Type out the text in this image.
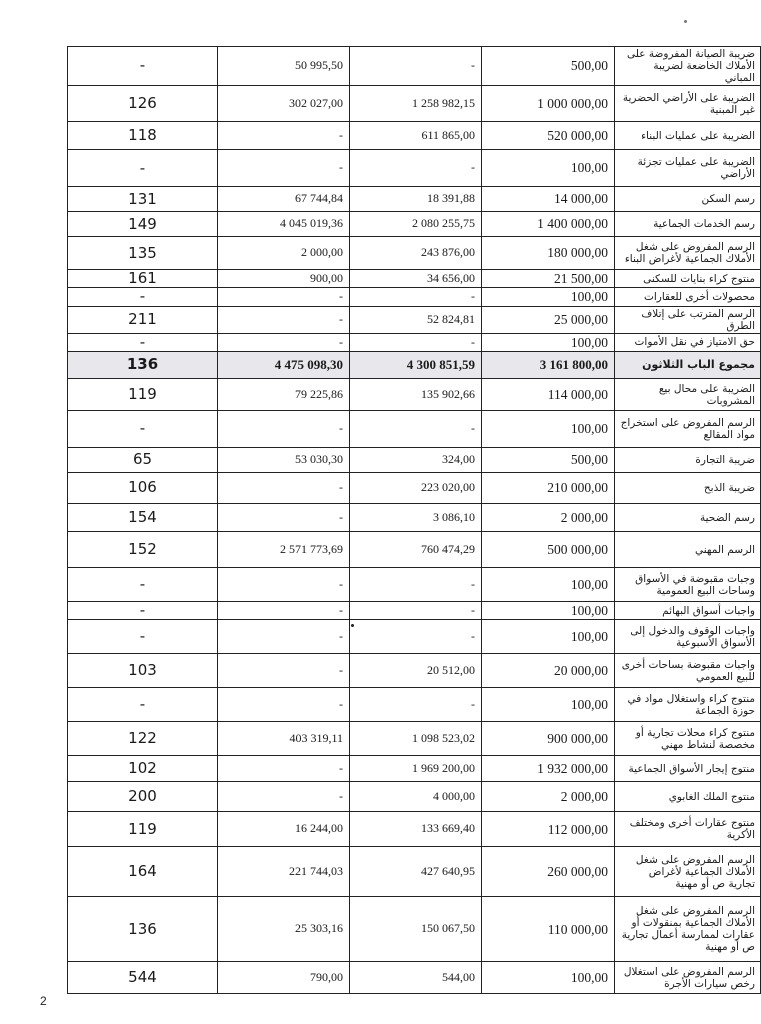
-	50 995,50	-	500,00	ضريبة الصيانة المفروضة على الأملاك الخاضعة لضريبة المباني
126	302 027,00	1 258 982,15	1 000 000,00	الضريبة على الأراضي الحضرية غير المبنية
118	-	611 865,00	520 000,00	الضريبة على عمليات البناء
-	-	-	100,00	الضريبة على عمليات تجزئة الأراضي
131	67 744,84	18 391,88	14 000,00	رسم السكن
149	4 045 019,36	2 080 255,75	1 400 000,00	رسم الخدمات الجماعية
135	2 000,00	243 876,00	180 000,00	الرسم المفروض على شغل الأملاك الجماعية لأغراض البناء
161	900,00	34 656,00	21 500,00	منتوج كراء بنايات للسكنى
-	-	-	100,00	محصولات أخرى للعقارات
211	-	52 824,81	25 000,00	الرسم المترتب على إتلاف الطرق
-	-	-	100,00	حق الامتياز في نقل الأموات
136	4 475 098,30	4 300 851,59	3 161 800,00	مجموع الباب الثلاثون
119	79 225,86	135 902,66	114 000,00	الضريبة على محال بيع المشروبات
-	-	-	100,00	الرسم المفروض على استخراج مواد المقالع
65	53 030,30	324,00	500,00	ضريبة التجارة
106	-	223 020,00	210 000,00	ضريبة الذبح
154	-	3 086,10	2 000,00	رسم الضحية
152	2 571 773,69	760 474,29	500 000,00	الرسم المهني
-	-	-	100,00	وجبات مقبوضة في الأسواق وساحات البيع العمومية
-	-	-	100,00	واجبات أسواق البهائم
-	-	-	100,00	واجبات الوقوف والدخول إلى الأسواق الأسبوعية
103	-	20 512,00	20 000,00	واجبات مقبوضة بساحات أخرى للبيع العمومي
-	-	-	100,00	منتوج كراء واستغلال مواد في حوزة الجماعة
122	403 319,11	1 098 523,02	900 000,00	منتوج كراء محلات تجارية أو مخصصة لنشاط مهني
102	-	1 969 200,00	1 932 000,00	منتوج إيجار الأسواق الجماعية
200	-	4 000,00	2 000,00	منتوج الملك الغابوي
119	16 244,00	133 669,40	112 000,00	منتوج عقارات أخرى ومختلف الأكرية
164	221 744,03	427 640,95	260 000,00	الرسم المفروض على شغل الأملاك الجماعية لأغراض تجارية ص أو مهنية
136	25 303,16	150 067,50	110 000,00	الرسم المفروض على شغل الأملاك الجماعية بمنقولات أو عقارات لممارسة أعمال تجارية ص أو مهنية
544	790,00	544,00	100,00	الرسم المفروض على استغلال رخص سيارات الأجرة
2
